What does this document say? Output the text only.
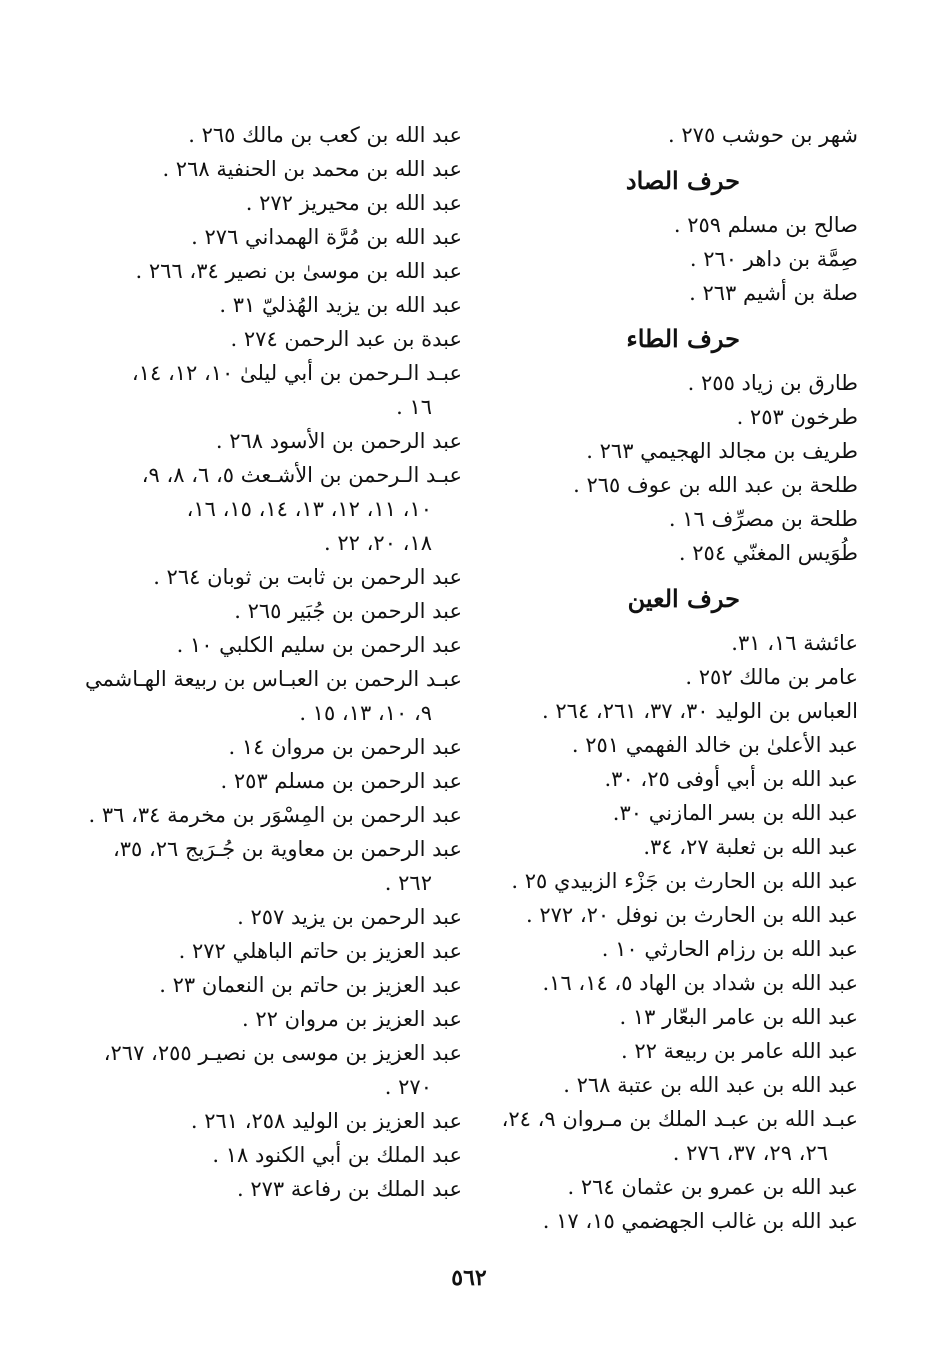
شهر بن حوشب ٢٧٥ .
حرف الصاد
صالح بن مسلم ٢٥٩ .
صِمَّة بن داهر ٢٦٠ .
صلة بن أشيم ٢٦٣ .
حرف الطاء
طارق بن زياد ٢٥٥ .
طرخون ٢٥٣ .
طريف بن مجالد الهجيمي ٢٦٣ .
طلحة بن عبد الله بن عوف ٢٦٥ .
طلحة بن مصرِّف ١٦ .
طُوَيس المغنّي ٢٥٤ .
حرف العين
عائشة ١٦، ٣١.
عامر بن مالك ٢٥٢ .
العباس بن الوليد ٣٠، ٣٧، ٢٦١، ٢٦٤ .
عبد الأعلىٰ بن خالد الفهمي ٢٥١ .
عبد الله بن أبي أوفى ٢٥، ٣٠.
عبد الله بن بسر المازني ٣٠.
عبد الله بن ثعلبة ٢٧، ٣٤.
عبد الله بن الحارث بن جَزْء الزبيدي ٢٥ .
عبد الله بن الحارث بن نوفل ٢٠، ٢٧٢ .
عبد الله بن رزام الحارثي ١٠ .
عبد الله بن شداد بن الهاد ٥، ١٤، ١٦.
عبد الله بن عامر البعّار ١٣ .
عبد الله عامر بن ربيعة ٢٢ .
عبد الله بن عبد الله بن عتبة ٢٦٨ .
عبـد الله بن عبـد الملك بن مـروان ٩، ٢٤،
٢٦، ٢٩، ٣٧، ٢٧٦ .
عبد الله بن عمرو بن عثمان ٢٦٤ .
عبد الله بن غالب الجهضمي ١٥، ١٧ .
عبد الله بن كعب بن مالك ٢٦٥ .
عبد الله بن محمد بن الحنفية ٢٦٨ .
عبد الله بن محيريز ٢٧٢ .
عبد الله بن مُرَّة الهمداني ٢٧٦ .
عبد الله بن موسىٰ بن نصير ٣٤، ٢٦٦ .
عبد الله بن يزيد الهُذليّ ٣١ .
عبدة بن عبد الرحمن ٢٧٤ .
عبـد الـرحمن بن أبي ليلىٰ ١٠، ١٢، ١٤،
١٦ .
عبد الرحمن بن الأسود ٢٦٨ .
عبـد الـرحمن بن الأشـعث ٥، ٦، ٨، ٩،
١٠، ١١، ١٢، ١٣، ١٤، ١٥، ١٦،
١٨، ٢٠، ٢٢ .
عبد الرحمن بن ثابت بن ثوبان ٢٦٤ .
عبد الرحمن بن جُبَير ٢٦٥ .
عبد الرحمن بن سليم الكلبي ١٠ .
عبـد الرحمن بن العبـاس بن ربيعة الهـاشمي
٩، ١٠، ١٣، ١٥ .
عبد الرحمن بن مروان ١٤ .
عبد الرحمن بن مسلم ٢٥٣ .
عبد الرحمن بن المِسْوَر بن مخرمة ٣٤، ٣٦ .
عبد الرحمن بن معاوية بن جُـرَيج ٢٦، ٣٥،
٢٦٢ .
عبد الرحمن بن يزيد ٢٥٧ .
عبد العزيز بن حاتم الباهلي ٢٧٢ .
عبد العزيز بن حاتم بن النعمان ٢٣ .
عبد العزيز بن مروان ٢٢ .
عبد العزيز بن موسى بن نصيـر ٢٥٥، ٢٦٧،
٢٧٠ .
عبد العزيز بن الوليد ٢٥٨، ٢٦١ .
عبد الملك بن أبي الكنود ١٨ .
عبد الملك بن رفاعة ٢٧٣ .
٥٦٢
